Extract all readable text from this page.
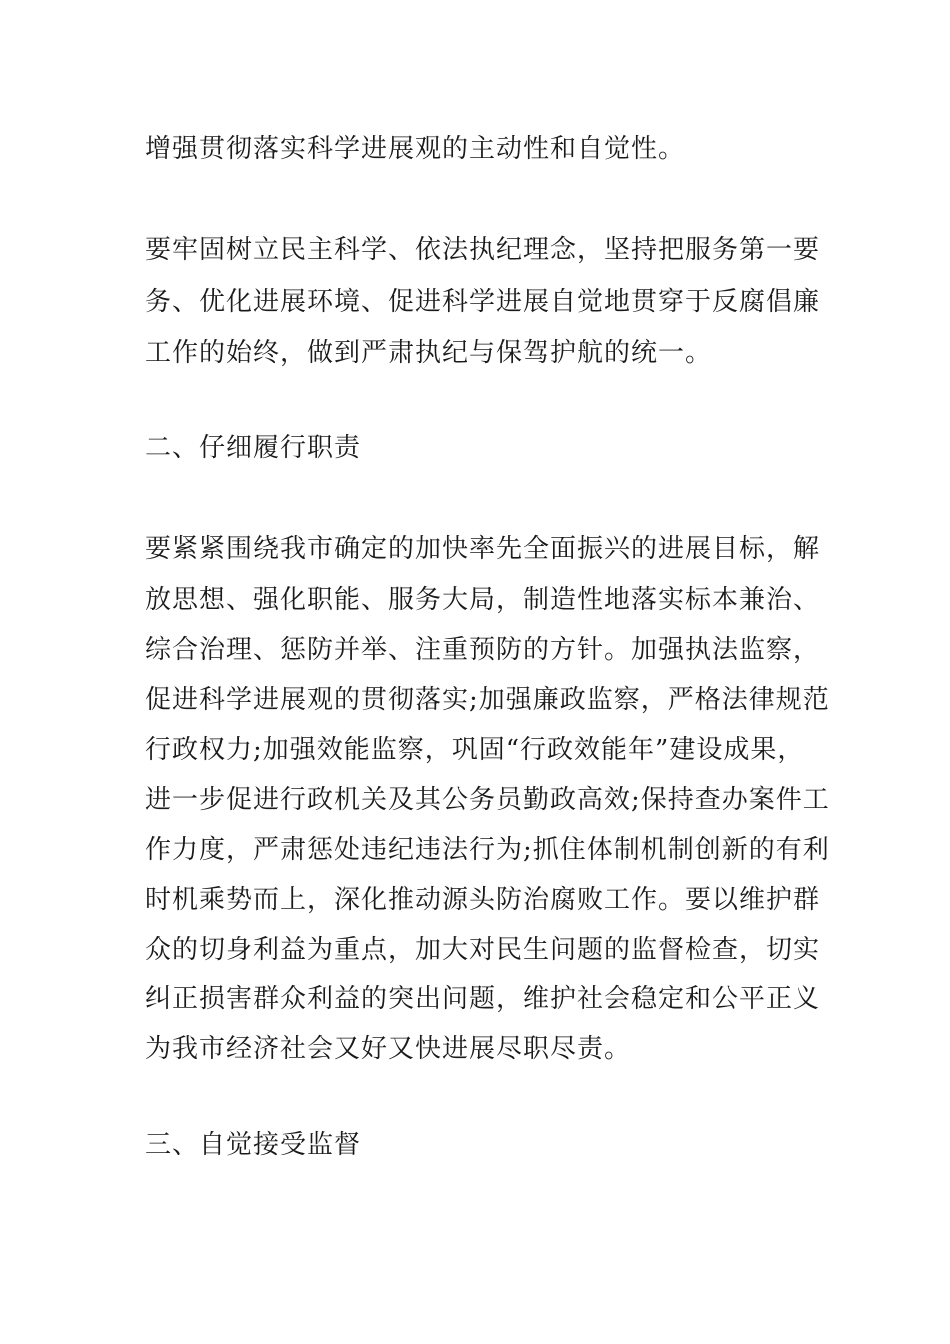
增强贯彻落实科学进展观的主动性和自觉性。

要牢固树立民主科学、依法执纪理念，坚持把服务第一要

务、优化进展环境、促进科学进展自觉地贯穿于反腐倡廉

工作的始终，做到严肃执纪与保驾护航的统一。

二、仔细履行职责

要紧紧围绕我市确定的加快率先全面振兴的进展目标，解

放思想、强化职能、服务大局，制造性地落实标本兼治、

综合治理、惩防并举、注重预防的方针。加强执法监察，

促进科学进展观的贯彻落实;加强廉政监察，严格法律规范

行政权力;加强效能监察，巩固“行政效能年”建设成果，

进一步促进行政机关及其公务员勤政高效;保持查办案件工

作力度，严肃惩处违纪违法行为;抓住体制机制创新的有利

时机乘势而上，深化推动源头防治腐败工作。要以维护群

众的切身利益为重点，加大对民生问题的监督检查，切实

纠正损害群众利益的突出问题，维护社会稳定和公平正义

为我市经济社会又好又快进展尽职尽责。

三、自觉接受监督
